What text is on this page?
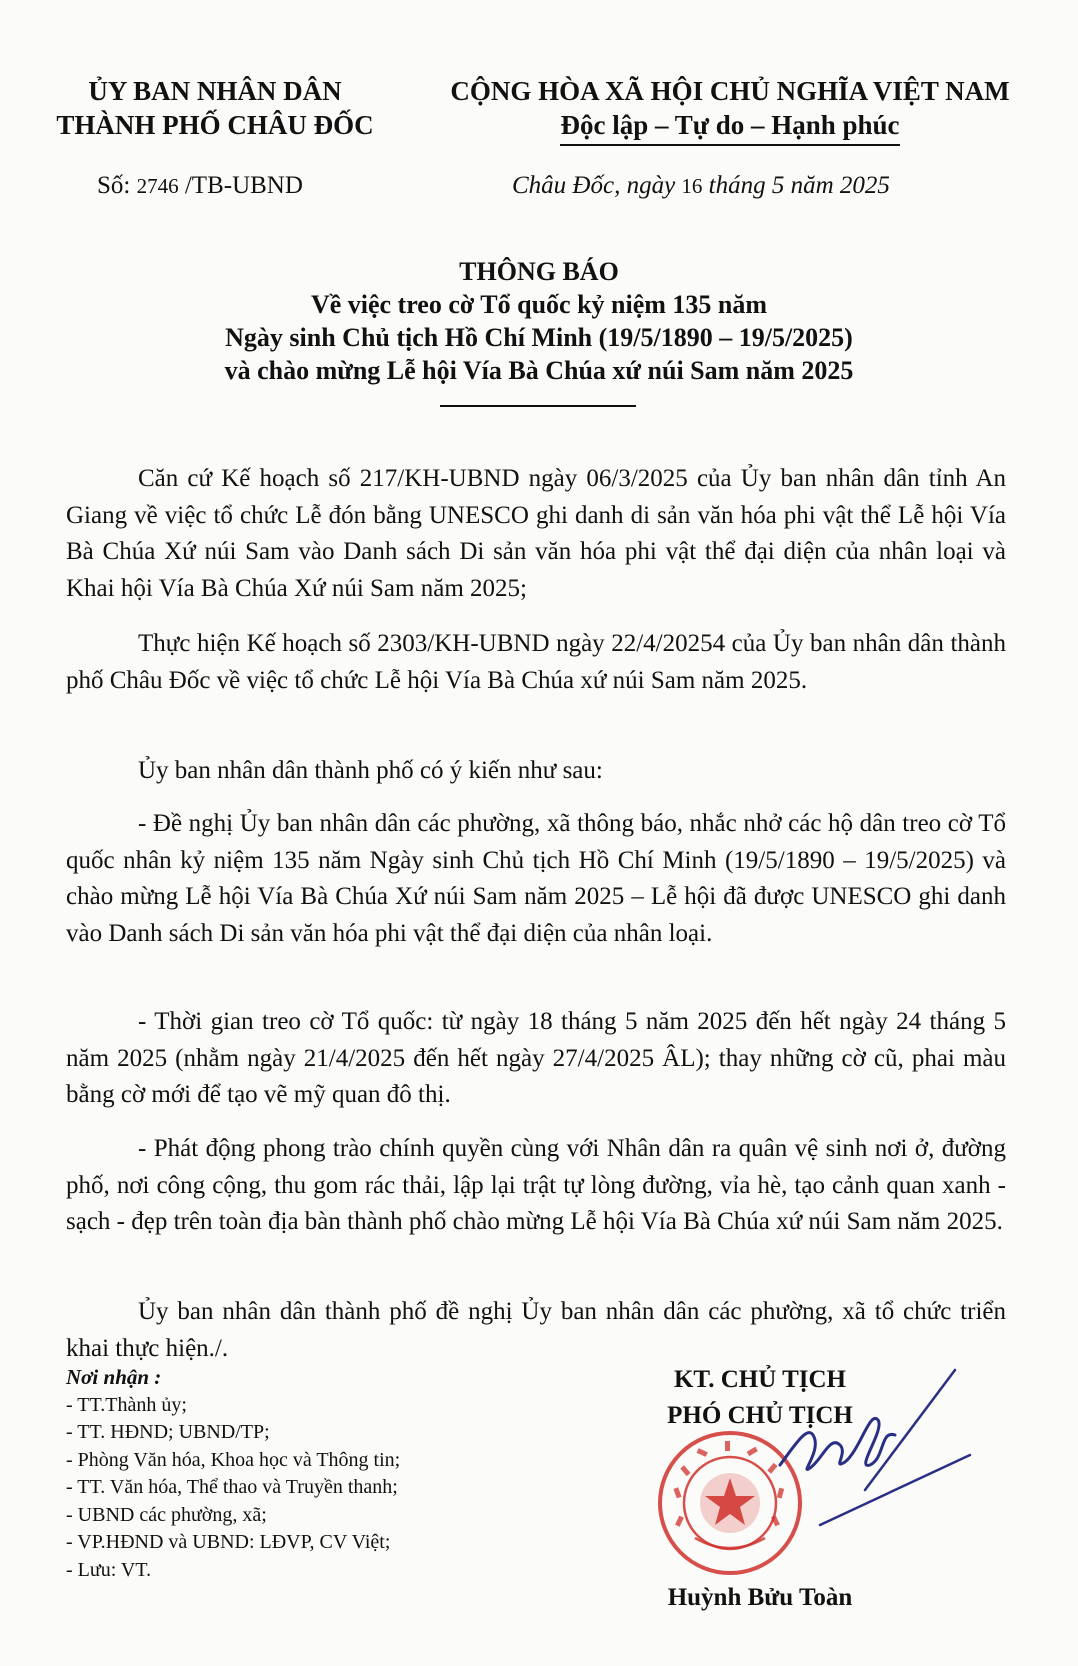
ỦY BAN NHÂN DÂN
THÀNH PHỐ CHÂU ĐỐC
CỘNG HÒA XÃ HỘI CHỦ NGHĨA VIỆT NAM
Độc lập – Tự do – Hạnh phúc
Số: 2746 /TB-UBND	Châu Đốc, ngày 16 tháng 5 năm 2025
THÔNG BÁO
Về việc treo cờ Tổ quốc kỷ niệm 135 năm
Ngày sinh Chủ tịch Hồ Chí Minh (19/5/1890 – 19/5/2025)
và chào mừng Lễ hội Vía Bà Chúa xứ núi Sam năm 2025
Căn cứ Kế hoạch số 217/KH-UBND ngày 06/3/2025 của Ủy ban nhân dân tỉnh An Giang về việc tổ chức Lễ đón bằng UNESCO ghi danh di sản văn hóa phi vật thể Lễ hội Vía Bà Chúa Xứ núi Sam vào Danh sách Di sản văn hóa phi vật thể đại diện của nhân loại và Khai hội Vía Bà Chúa Xứ núi Sam năm 2025;
Thực hiện Kế hoạch số 2303/KH-UBND ngày 22/4/20254 của Ủy ban nhân dân thành phố Châu Đốc về việc tổ chức Lễ hội Vía Bà Chúa xứ núi Sam năm 2025.
Ủy ban nhân dân thành phố có ý kiến như sau:
- Đề nghị Ủy ban nhân dân các phường, xã thông báo, nhắc nhở các hộ dân treo cờ Tổ quốc nhân kỷ niệm 135 năm Ngày sinh Chủ tịch Hồ Chí Minh (19/5/1890 – 19/5/2025) và chào mừng Lễ hội Vía Bà Chúa Xứ núi Sam năm 2025 – Lễ hội đã được UNESCO ghi danh vào Danh sách Di sản văn hóa phi vật thể đại diện của nhân loại.
- Thời gian treo cờ Tổ quốc: từ ngày 18 tháng 5 năm 2025 đến hết ngày 24 tháng 5 năm 2025 (nhằm ngày 21/4/2025 đến hết ngày 27/4/2025 ÂL); thay những cờ cũ, phai màu bằng cờ mới để tạo vẽ mỹ quan đô thị.
- Phát động phong trào chính quyền cùng với Nhân dân ra quân vệ sinh nơi ở, đường phố, nơi công cộng, thu gom rác thải, lập lại trật tự lòng đường, vỉa hè, tạo cảnh quan xanh - sạch - đẹp trên toàn địa bàn thành phố chào mừng Lễ hội Vía Bà Chúa xứ núi Sam năm 2025.
Ủy ban nhân dân thành phố đề nghị Ủy ban nhân dân các phường, xã tổ chức triển khai thực hiện./.
Nơi nhận :
- TT.Thành ủy;
- TT. HĐND; UBND/TP;
- Phòng Văn hóa, Khoa học và Thông tin;
- TT. Văn hóa, Thể thao và Truyền thanh;
- UBND các phường, xã;
- VP.HĐND và UBND: LĐVP, CV Việt;
- Lưu: VT.
KT. CHỦ TỊCH
PHÓ CHỦ TỊCH
Huỳnh Bửu Toàn
